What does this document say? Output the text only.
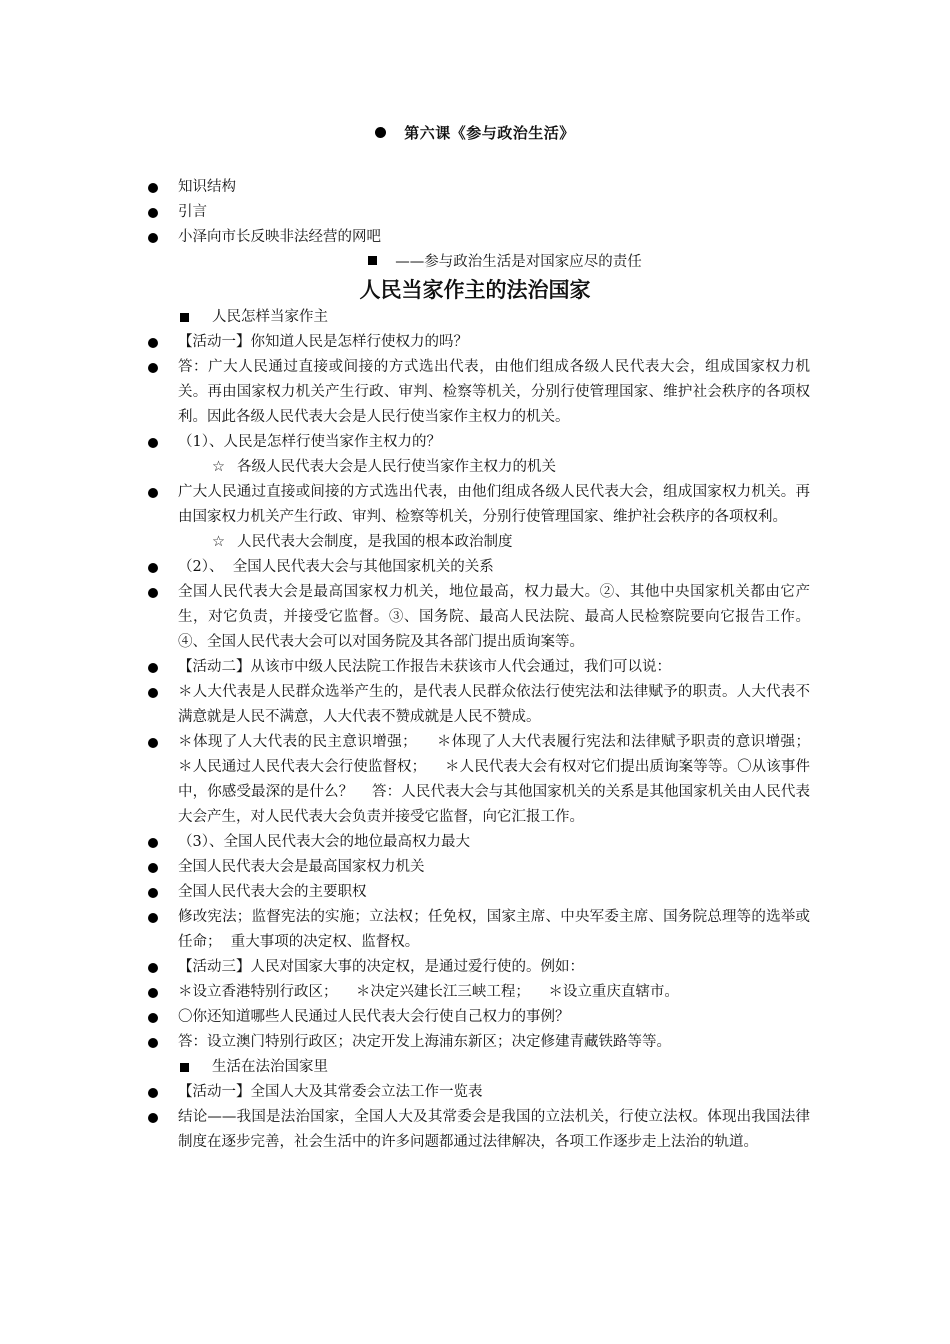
第六课《参与政治生活》
知识结构
引言
小泽向市长反映非法经营的网吧
——参与政治生活是对国家应尽的责任
人民当家作主的法治国家
人民怎样当家作主
【活动一】你知道人民是怎样行使权力的吗？
答：广大人民通过直接或间接的方式选出代表，由他们组成各级人民代表大会，组成国家权力机关。再由国家权力机关产生行政、审判、检察等机关，分别行使管理国家、维护社会秩序的各项权利。因此各级人民代表大会是人民行使当家作主权力的机关。
（1）、人民是怎样行使当家作主权力的？
☆ 各级人民代表大会是人民行使当家作主权力的机关
广大人民通过直接或间接的方式选出代表，由他们组成各级人民代表大会，组成国家权力机关。再由国家权力机关产生行政、审判、检察等机关，分别行使管理国家、维护社会秩序的各项权利。
☆ 人民代表大会制度，是我国的根本政治制度
（2）、  全国人民代表大会与其他国家机关的关系
全国人民代表大会是最高国家权力机关，地位最高，权力最大。②、其他中央国家机关都由它产生，对它负责，并接受它监督。③、国务院、最高人民法院、最高人民检察院要向它报告工作。④、全国人民代表大会可以对国务院及其各部门提出质询案等。
【活动二】从该市中级人民法院工作报告未获该市人代会通过，我们可以说：
＊人大代表是人民群众选举产生的，是代表人民群众依法行使宪法和法律赋予的职责。人大代表不满意就是人民不满意，人大代表不赞成就是人民不赞成。
＊体现了人大代表的民主意识增强；    ＊体现了人大代表履行宪法和法律赋予职责的意识增强；    ＊人民通过人民代表大会行使监督权；    ＊人民代表大会有权对它们提出质询案等等。〇从该事件中，你感受最深的是什么？    答：人民代表大会与其他国家机关的关系是其他国家机关由人民代表大会产生，对人民代表大会负责并接受它监督，向它汇报工作。
（3）、全国人民代表大会的地位最高权力最大
全国人民代表大会是最高国家权力机关
全国人民代表大会的主要职权
修改宪法；监督宪法的实施；立法权；任免权，国家主席、中央军委主席、国务院总理等的选举或任命；  重大事项的决定权、监督权。
【活动三】人民对国家大事的决定权，是通过爱行使的。例如：
＊设立香港特别行政区；    ＊决定兴建长江三峡工程；    ＊设立重庆直辖市。
〇你还知道哪些人民通过人民代表大会行使自己权力的事例？
答：设立澳门特别行政区；决定开发上海浦东新区；决定修建青藏铁路等等。
生活在法治国家里
【活动一】全国人大及其常委会立法工作一览表
结论——我国是法治国家，全国人大及其常委会是我国的立法机关，行使立法权。体现出我国法律制度在逐步完善，社会生活中的许多问题都通过法律解决，各项工作逐步走上法治的轨道。
